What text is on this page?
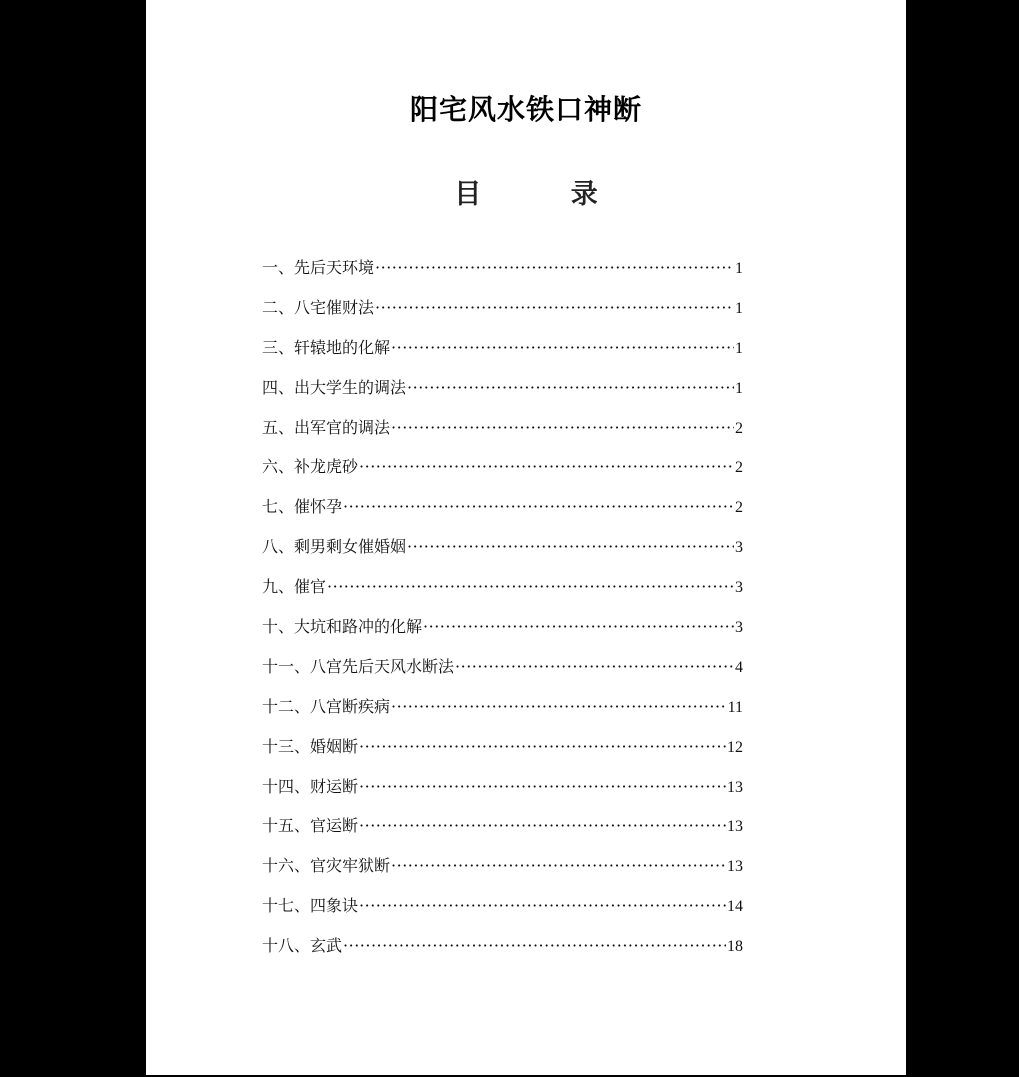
阳宅风水铁口神断
目 录
一、先后天环境 ·····	1
二、八宅催财法 ·····	1
三、轩辕地的化解 ·····	1
四、出大学生的调法 ·····	1
五、出军官的调法 ·····	2
六、补龙虎砂 ·····	2
七、催怀孕 ·····	2
八、剩男剩女催婚姻 ·····	3
九、催官 ·····	3
十、大坑和路冲的化解 ·····	3
十一、八宫先后天风水断法 ·····	4
十二、八宫断疾病 ·····	11
十三、婚姻断 ·····	12
十四、财运断 ·····	13
十五、官运断 ·····	13
十六、官灾牢狱断 ·····	13
十七、四象诀 ·····	14
十八、玄武 ·····	18
